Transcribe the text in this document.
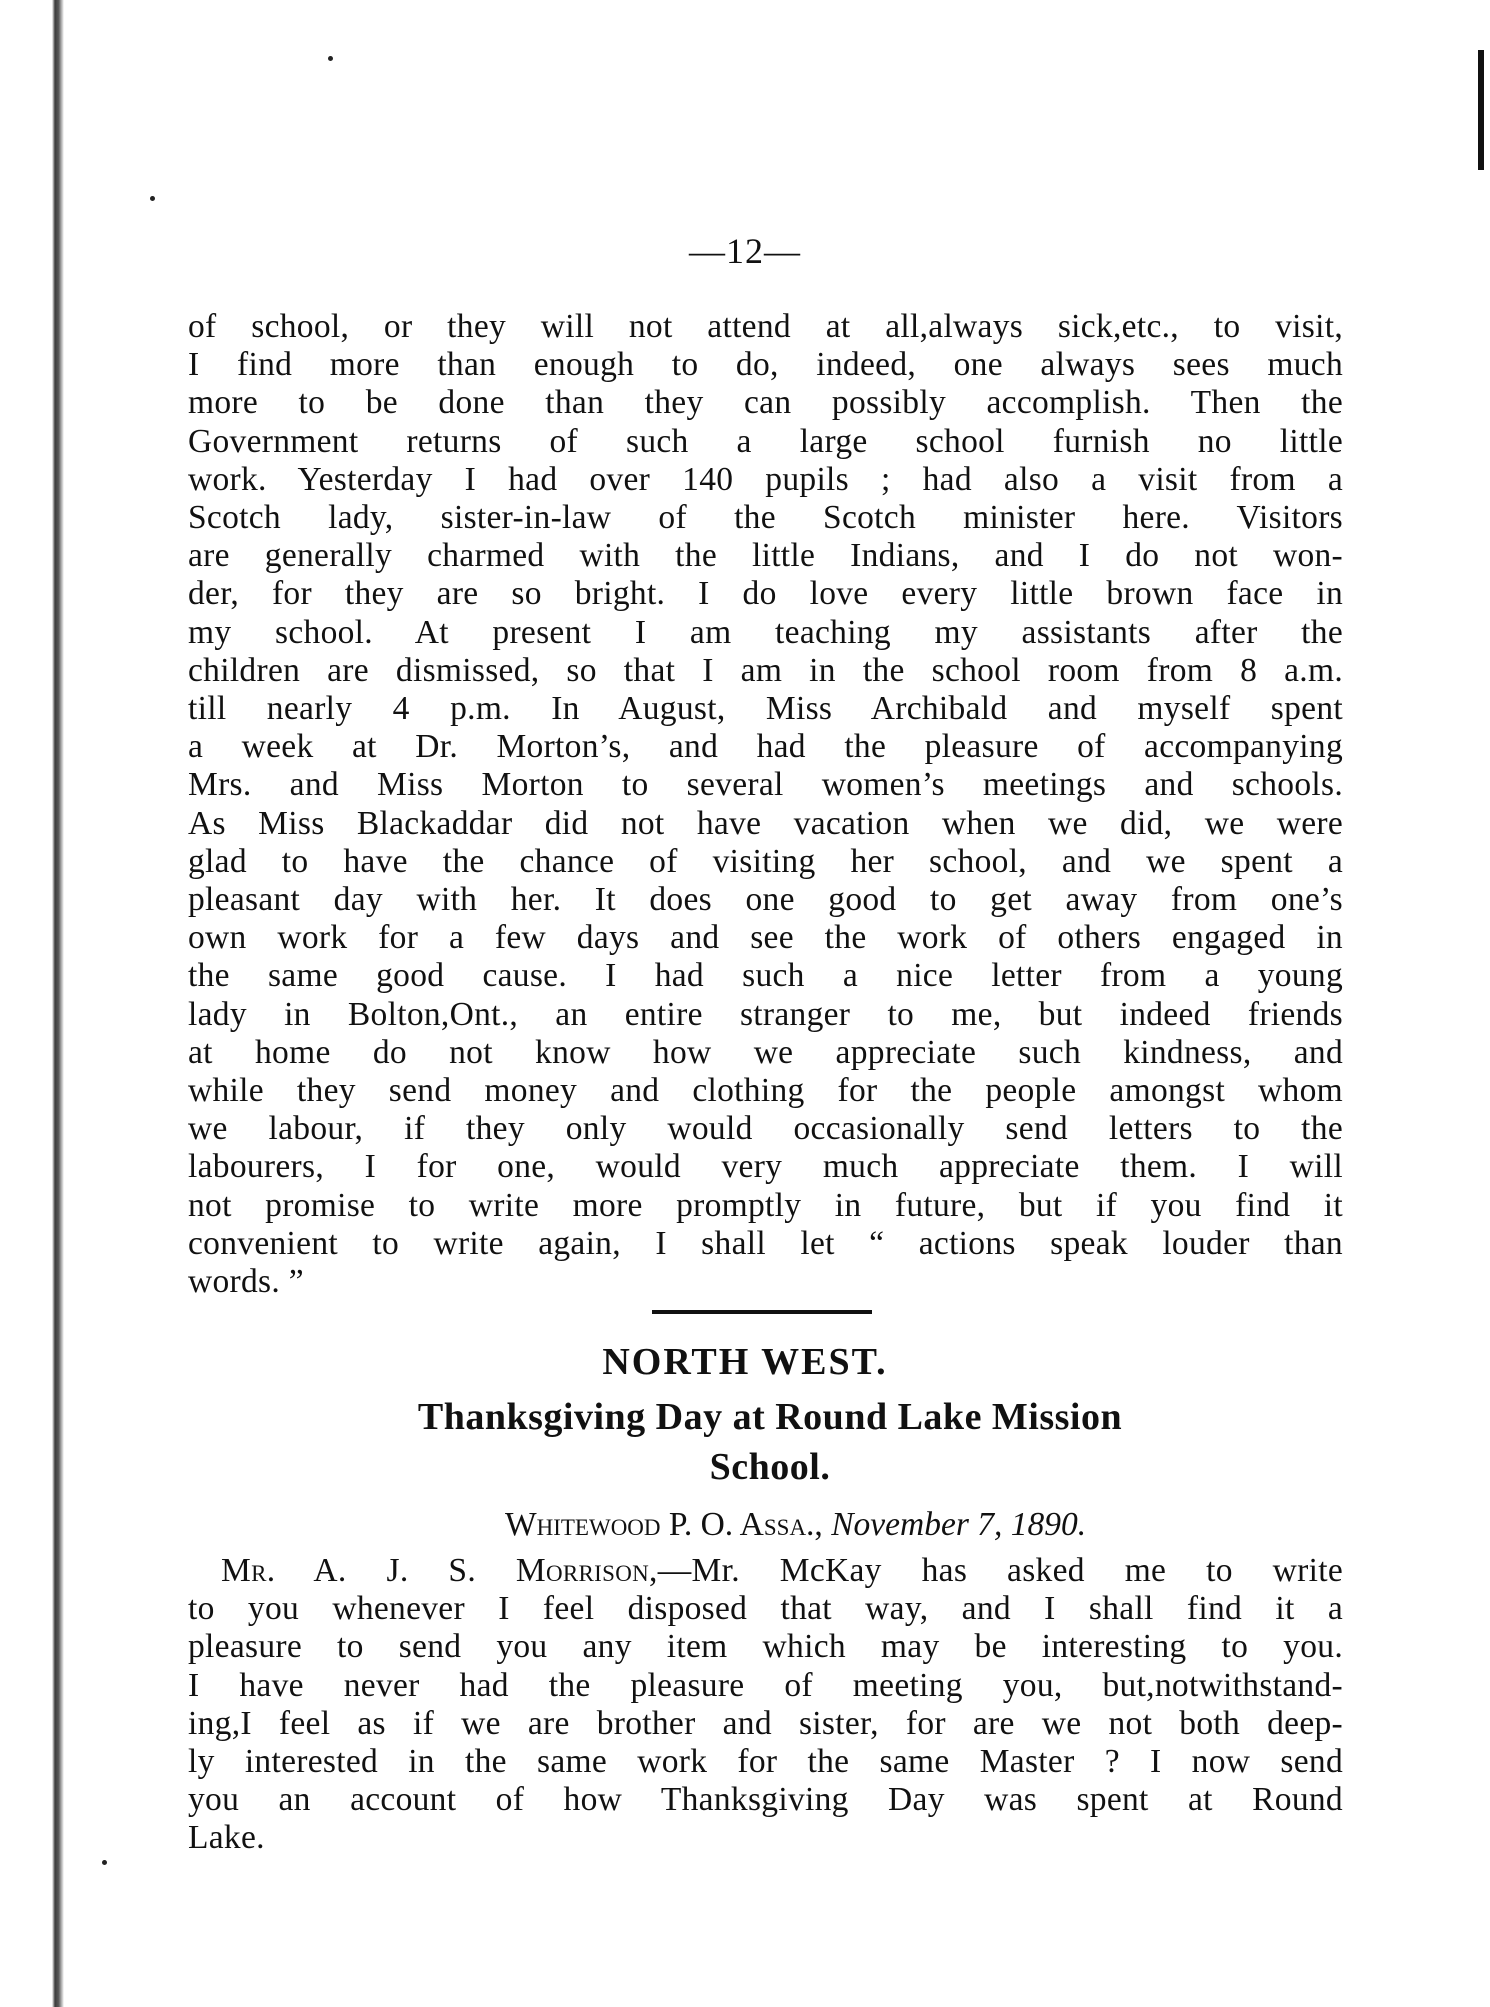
—12—
of school, or they will not attend at all,always sick,etc., to visit,
I find more than enough to do, indeed, one always sees much
more to be done than they can possibly accomplish. Then the
Government returns of such a large school furnish no little
work. Yesterday I had over 140 pupils ; had also a visit from a
Scotch lady, sister-in-law of the Scotch minister here. Visitors
are generally charmed with the little Indians, and I do not won-
der, for they are so bright. I do love every little brown face in
my school. At present I am teaching my assistants after the
children are dismissed, so that I am in the school room from 8 a.m.
till nearly 4 p.m. In August, Miss Archibald and myself spent
a week at Dr. Morton’s, and had the pleasure of accompanying
Mrs. and Miss Morton to several women’s meetings and schools.
As Miss Blackaddar did not have vacation when we did, we were
glad to have the chance of visiting her school, and we spent a
pleasant day with her. It does one good to get away from one’s
own work for a few days and see the work of others engaged in
the same good cause. I had such a nice letter from a young
lady in Bolton,Ont., an entire stranger to me, but indeed friends
at home do not know how we appreciate such kindness, and
while they send money and clothing for the people amongst whom
we labour, if they only would occasionally send letters to the
labourers, I for one, would very much appreciate them. I will
not promise to write more promptly in future, but if you find it
convenient to write again, I shall let “ actions speak louder than
words. ”
NORTH WEST.
Thanksgiving Day at Round Lake Mission
School.
Whitewood P. O. Assa., November 7, 1890.
Mr. A. J. S. Morrison,—Mr. McKay has asked me to write
to you whenever I feel disposed that way, and I shall find it a
pleasure to send you any item which may be interesting to you.
I have never had the pleasure of meeting you, but,notwithstand-
ing,I feel as if we are brother and sister, for are we not both deep-
ly interested in the same work for the same Master ? I now send
you an account of how Thanksgiving Day was spent at Round
Lake.
